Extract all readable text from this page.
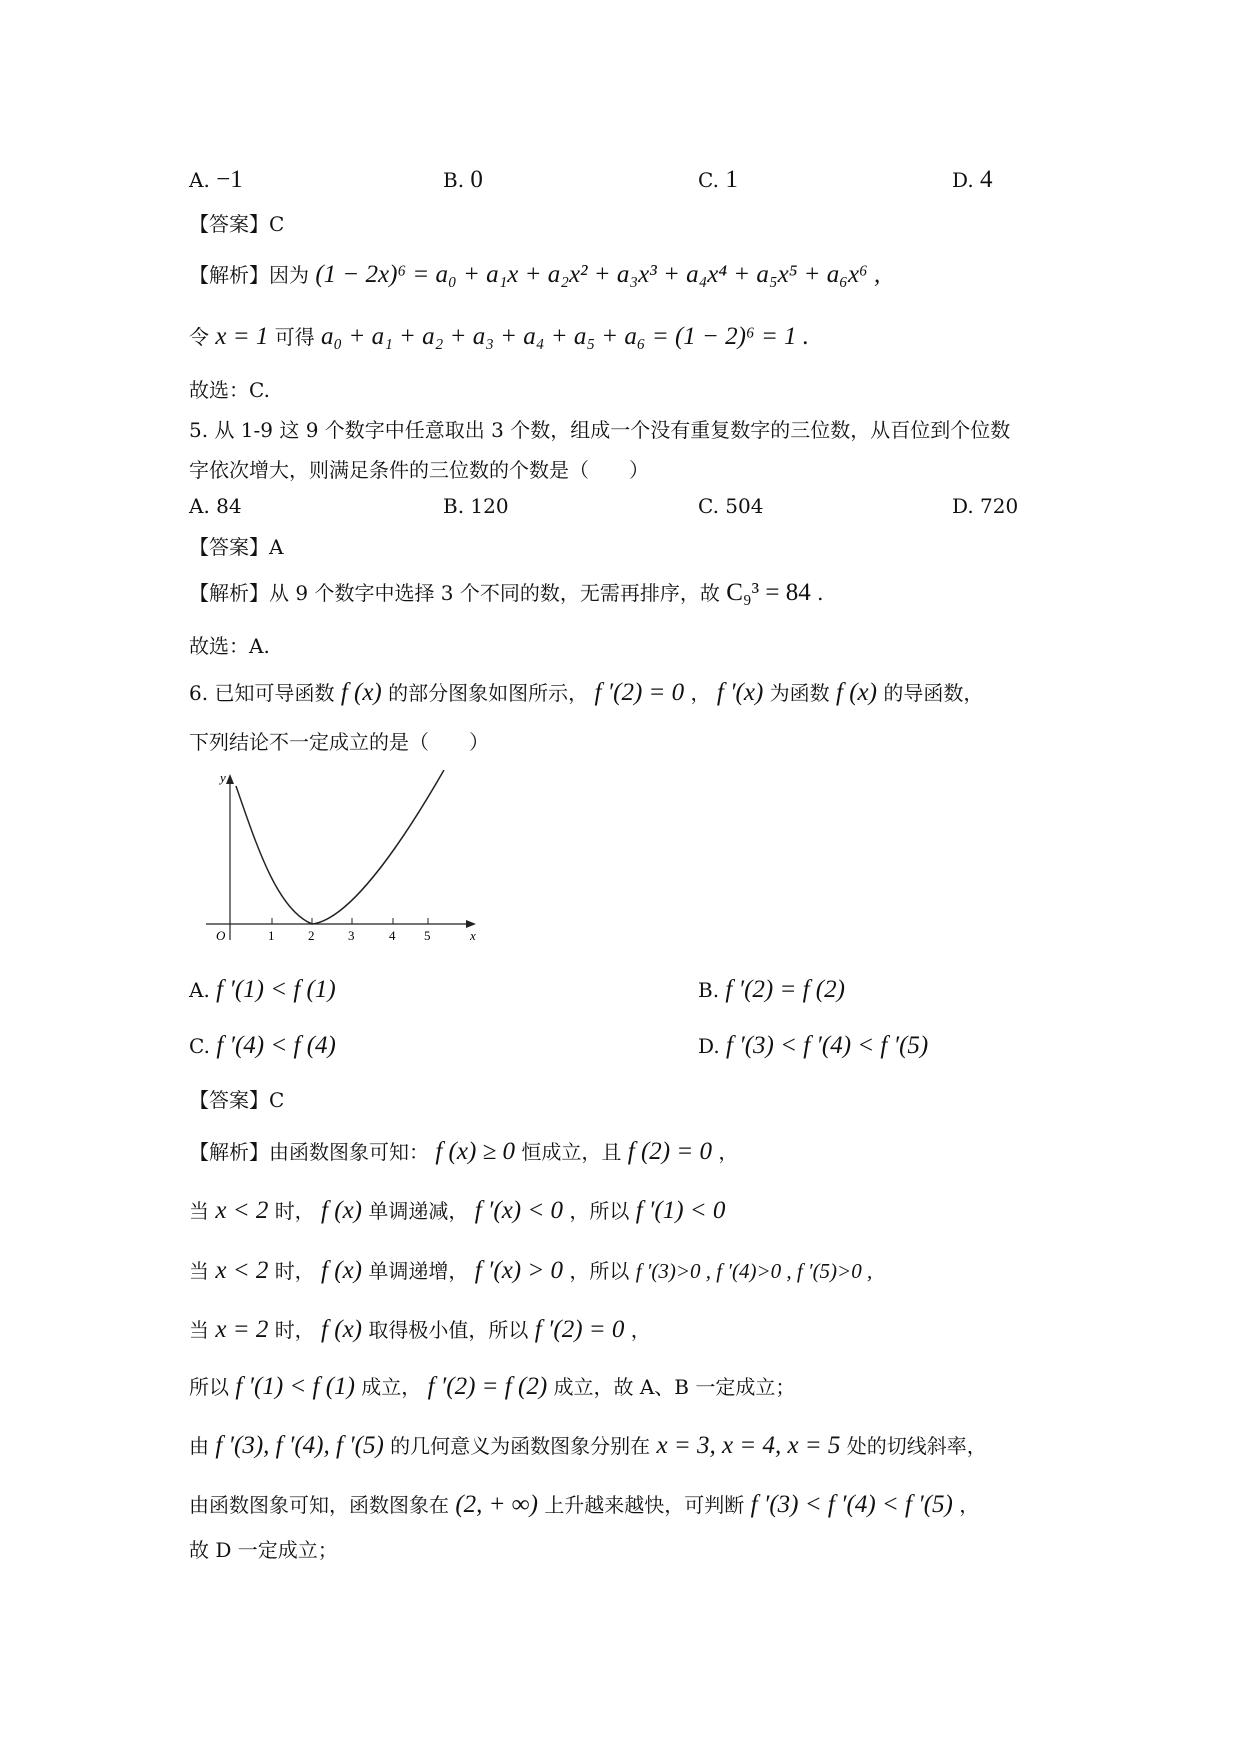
A. −1	B. 0	C. 1	D. 4
【答案】C
【解析】因为 (1 − 2x)⁶ = a₀ + a₁x + a₂x² + a₃x³ + a₄x⁴ + a₅x⁵ + a₆x⁶ ,
令 x = 1 可得 a₀ + a₁ + a₂ + a₃ + a₄ + a₅ + a₆ = (1 − 2)⁶ = 1 .
故选：C.
5. 从 1-9 这 9 个数字中任意取出 3 个数，组成一个没有重复数字的三位数，从百位到个位数
字依次增大，则满足条件的三位数的个数是（　　）
A. 84	B. 120	C. 504	D. 720
【答案】A
【解析】从 9 个数字中选择 3 个不同的数，无需再排序，故 C₉³ = 84 .
故选：A.
6. 已知可导函数 f (x) 的部分图象如图所示， f ′(2) = 0 ， f ′(x) 为函数 f (x) 的导函数，
下列结论不一定成立的是（　　）
y
x
O	1	2	3	4 5
A. f ′(1) < f (1)	B. f ′(2) = f (2)
C. f ′(4) < f (4)	D. f ′(3) < f ′(4) < f ′(5)
【答案】C
【解析】由函数图象可知： f (x) ≥ 0 恒成立，且 f (2) = 0 ，
当 x < 2 时， f (x) 单调递减， f ′(x) < 0 ，所以 f ′(1) < 0
当 x < 2 时， f (x) 单调递增， f ′(x) > 0 ，所以 f ′(3)>0 , f ′(4)>0 , f ′(5)>0 ,
当 x = 2 时， f (x) 取得极小值，所以 f ′(2) = 0 ，
所以 f ′(1) < f (1) 成立， f ′(2) = f (2) 成立，故 A、B 一定成立；
由 f ′(3), f ′(4), f ′(5) 的几何意义为函数图象分别在 x = 3, x = 4, x = 5 处的切线斜率，
由函数图象可知，函数图象在 (2, + ∞) 上升越来越快，可判断 f ′(3) < f ′(4) < f ′(5) ，
故 D 一定成立；
